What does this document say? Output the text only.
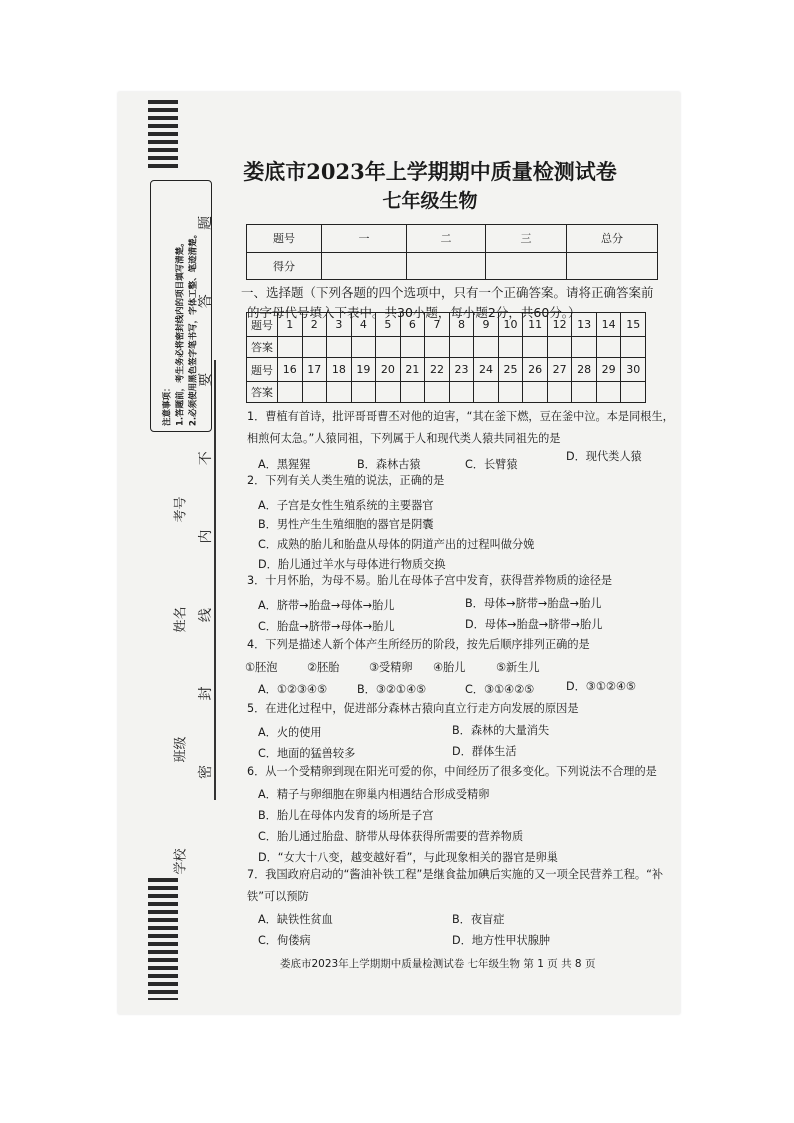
注意事项： 1.答题前，考生务必将密封线内的项目填写清楚。 2.必须使用黑色签字笔书写，字体工整、笔迹清楚。
考号
姓名
班级
学校
密 封 线 内 不 要 答 题
娄底市2023年上学期期中质量检测试卷
七年级生物
题号	一	二	三	总分
得分				
一、选择题（下列各题的四个选项中，只有一个正确答案。请将正确答案前
的字母代号填入下表中。共30小题，每小题2分，共60分。）
题号	1	2	3	4	5	6	7	8	9	10	11	12	13	14	15
答案															
题号	16	17	18	19	20	21	22	23	24	25	26	27	28	29	30
答案															
1．曹植有首诗，批评哥哥曹丕对他的迫害，“其在釜下燃，豆在釜中泣。本是同根生，
相煎何太急。”人猿同祖，下列属于人和现代类人猿共同祖先的是
A．黑猩猩	B．森林古猿	C．长臂猿
D．现代类人猿
2．下列有关人类生殖的说法，正确的是
A．子宫是女性生殖系统的主要器官
B．男性产生生殖细胞的器官是阴囊
C．成熟的胎儿和胎盘从母体的阴道产出的过程叫做分娩
D．胎儿通过羊水与母体进行物质交换
3．十月怀胎，为母不易。胎儿在母体子宫中发育，获得营养物质的途径是
A．脐带→胎盘→母体→胎儿	B．母体→脐带→胎盘→胎儿
C．胎盘→脐带→母体→胎儿	D．母体→胎盘→脐带→胎儿
4．下列是描述人新个体产生所经历的阶段，按先后顺序排列正确的是
①胚泡	②胚胎	③受精卵 ④胎儿	⑤新生儿
A．①②③④⑤	B．③②①④⑤	C．③①④②⑤	D．③①②④⑤
5．在进化过程中，促进部分森林古猿向直立行走方向发展的原因是
A．火的使用	B．森林的大量消失
C．地面的猛兽较多	D．群体生活
6．从一个受精卵到现在阳光可爱的你，中间经历了很多变化。下列说法不合理的是
A．精子与卵细胞在卵巢内相遇结合形成受精卵
B．胎儿在母体内发育的场所是子宫
C．胎儿通过胎盘、脐带从母体获得所需要的营养物质
D．“女大十八变，越变越好看”，与此现象相关的器官是卵巢
7．我国政府启动的“酱油补铁工程”是继食盐加碘后实施的又一项全民营养工程。“补
铁”可以预防
A．缺铁性贫血	B．夜盲症
C．佝偻病	D．地方性甲状腺肿
娄底市2023年上学期期中质量检测试卷 七年级生物 第 1 页 共 8 页
